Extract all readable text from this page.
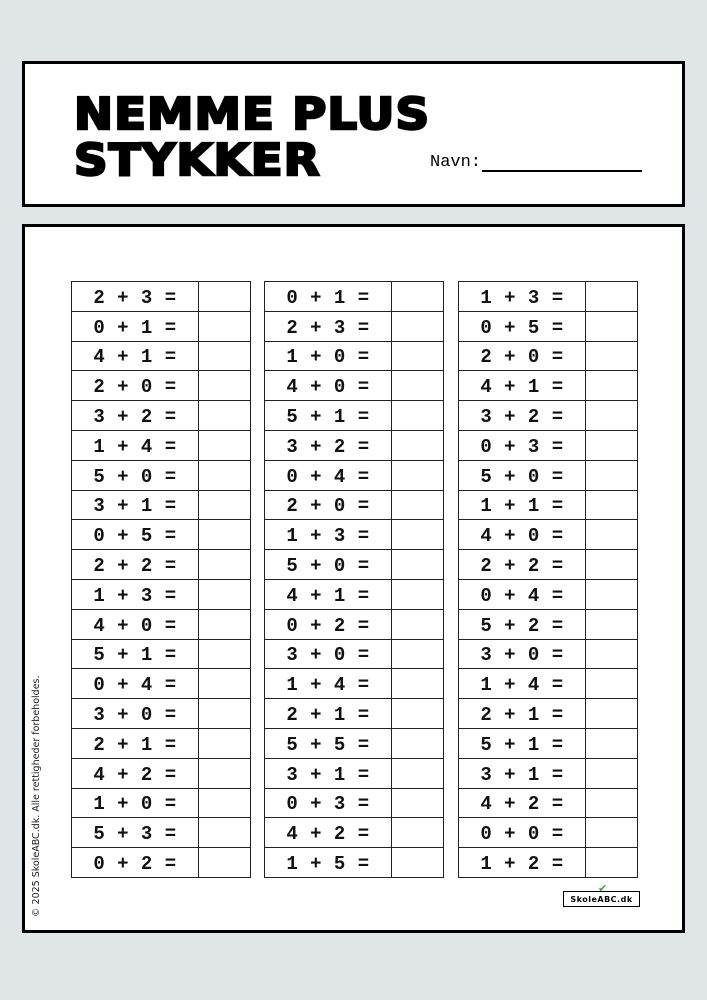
NEMME PLUS
STYKKER	Navn:
2 + 3 =
0 + 1 =
4 + 1 =
2 + 0 =
3 + 2 =
1 + 4 =
5 + 0 =
3 + 1 =
0 + 5 =
2 + 2 =
1 + 3 =
4 + 0 =
5 + 1 =
0 + 4 =
3 + 0 =
2 + 1 =
4 + 2 =
1 + 0 =
5 + 3 =
0 + 2 =
0 + 1 =
2 + 3 =
1 + 0 =
4 + 0 =
5 + 1 =
3 + 2 =
0 + 4 =
2 + 0 =
1 + 3 =
5 + 0 =
4 + 1 =
0 + 2 =
3 + 0 =
1 + 4 =
2 + 1 =
5 + 5 =
3 + 1 =
0 + 3 =
4 + 2 =
1 + 5 =
1 + 3 =
0 + 5 =
2 + 0 =
4 + 1 =
3 + 2 =
0 + 3 =
5 + 0 =
1 + 1 =
4 + 0 =
2 + 2 =
0 + 4 =
5 + 2 =
3 + 0 =
1 + 4 =
2 + 1 =
5 + 1 =
3 + 1 =
4 + 2 =
0 + 0 =
1 + 2 =
© 2025 SkoleABC.dk. Alle rettigheder forbeholdes.	✔
SkoleABC.dk
